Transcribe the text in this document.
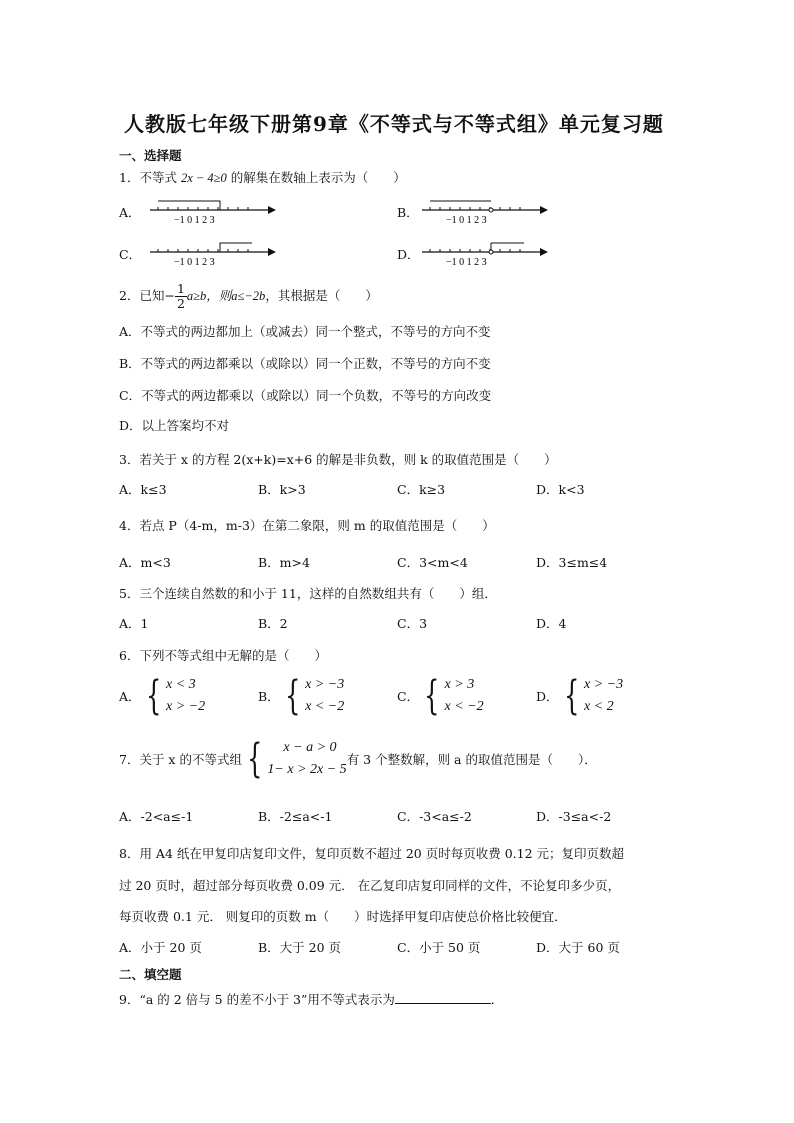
人教版七年级下册第9章《不等式与不等式组》单元复习题
一、选择题
1．不等式 2x − 4≥0 的解集在数轴上表示为（　　）
A．
−1 0 1 2 3
B．
−1 0 1 2 3
C．
−1 0 1 2 3
D．
−1 0 1 2 3
2．已知− $\frac{1}{2} a\ge b$，则a≤−2b，其根据是（　　）
A．不等式的两边都加上（或减去）同一个整式，不等号的方向不变
B．不等式的两边都乘以（或除以）同一个正数，不等号的方向不变
C．不等式的两边都乘以（或除以）同一个负数，不等号的方向改变
D．以上答案均不对
3．若关于 x 的方程 2(x+k)=x+6 的解是非负数，则 k 的取值范围是（　　）
A．k≤3	B．k>3	C．k≥3	D．k<3
4．若点 P（4-m，m-3）在第二象限，则 m 的取值范围是（　　）
A．m<3	B．m>4	C．3<m<4	D．3≤m≤4
5．三个连续自然数的和小于 11，这样的自然数组共有（　　）组．
A．1	B．2	C．3	D．4
6．下列不等式组中无解的是（　　）
A． { x < 3
x > −2
B． { x > −3
x < −2
C． { x > 3
x < −2
D． { x > −3
x < 2
7．关于 x 的不等式组 {	x − a > 0
1− x > 2x − 5
有 3 个整数解，则 a 的取值范围是（　　）．
A．-2<a≤-1	B．-2≤a<-1	C．-3<a≤-2	D．-3≤a<-2
8．用 A4 纸在甲复印店复印文件，复印页数不超过 20 页时每页收费 0.12 元；复印页数超
过 20 页时，超过部分每页收费 0.09 元． 在乙复印店复印同样的文件，不论复印多少页，
每页收费 0.1 元． 则复印的页数 m（　　）时选择甲复印店使总价格比较便宜．
A．小于 20 页	B．大于 20 页	C．小于 50 页	D．大于 60 页
二、填空题
9．“a 的 2 倍与 5 的差不小于 3”用不等式表示为	．
